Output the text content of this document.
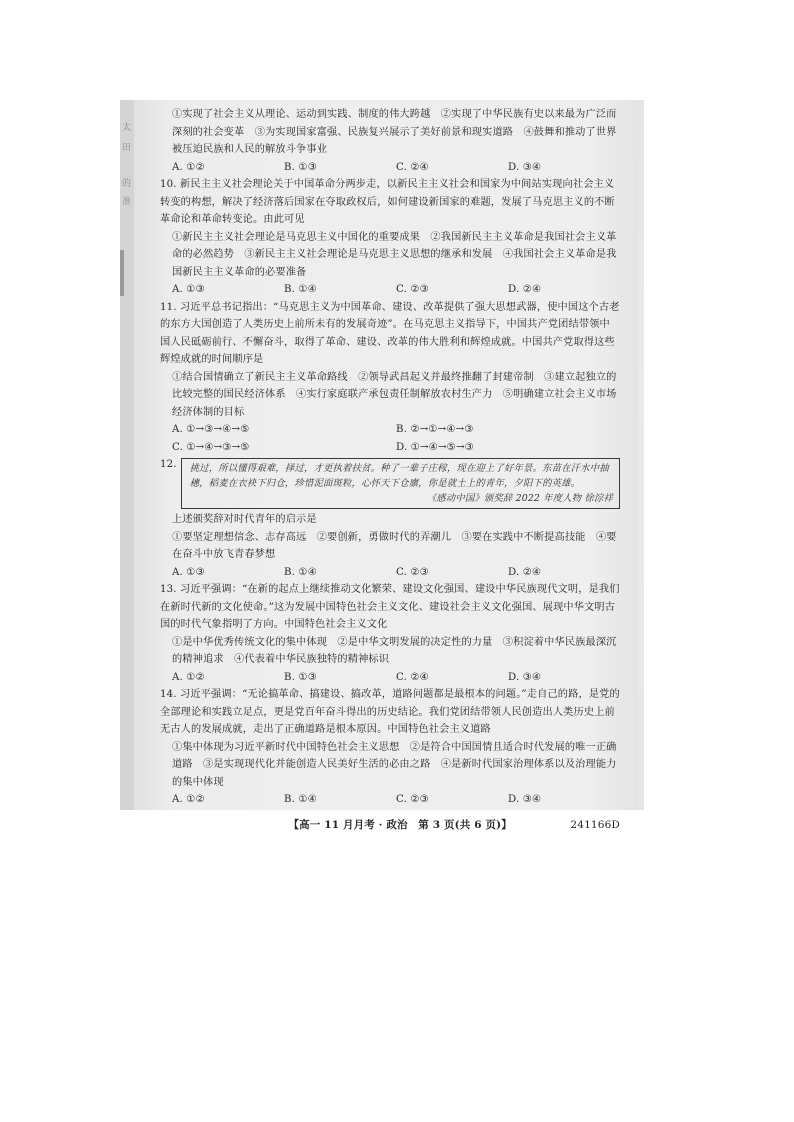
太
田
的
准

①实现了社会主义从理论、运动到实践、制度的伟大跨越　②实现了中华民族有史以来最为广泛而深刻的社会变革　③为实现国家富强、民族复兴展示了美好前景和现实道路　④鼓舞和推动了世界被压迫民族和人民的解放斗争事业

A. ①②	B. ①③	C. ②④	D. ③④

10. 新民主主义社会理论关于中国革命分两步走，以新民主主义社会和国家为中间站实现向社会主义转变的构想，解决了经济落后国家在夺取政权后，如何建设新国家的难题，发展了马克思主义的不断革命论和革命转变论。由此可见

①新民主主义社会理论是马克思主义中国化的重要成果　②我国新民主主义革命是我国社会主义革命的必然趋势　③新民主主义社会理论是马克思主义思想的继承和发展　④我国社会主义革命是我国新民主主义革命的必要准备

A. ①③	B. ①④	C. ②③	D. ②④

11. 习近平总书记指出：“马克思主义为中国革命、建设、改革提供了强大思想武器，使中国这个古老的东方大国创造了人类历史上前所未有的发展奇迹”。在马克思主义指导下，中国共产党团结带领中国人民砥砺前行、不懈奋斗，取得了革命、建设、改革的伟大胜利和辉煌成就。中国共产党取得这些辉煌成就的时间顺序是

①结合国情确立了新民主主义革命路线　②领导武昌起义并最终推翻了封建帝制　③建立起独立的比较完整的国民经济体系　④实行家庭联产承包责任制解放农村生产力　⑤明确建立社会主义市场经济体制的目标

A. ①→③→④→⑤	B. ②→①→④→③
C. ①→④→③→⑤	D. ①→④→⑤→③
12. 挑过，所以懂得艰难，择过，才更执着扶贫。种了一辈子庄稼，现在迎上了好年景。东苗在汗水中抽穗，稻麦在衣袂下归仓，珍惜泥面斑粒，心怀天下仓廪，你是就土上的青年，夕阳下的英雄。
《感动中国》颁奖辞 2022 年度人物 徐淙祥

上述颁奖辞对时代青年的启示是

①要坚定理想信念、志存高远　②要创新，勇做时代的弄潮儿　③要在实践中不断提高技能　④要在奋斗中放飞青春梦想

A. ①③	B. ①④	C. ②③	D. ②④

13. 习近平强调：“在新的起点上继续推动文化繁荣、建设文化强国、建设中华民族现代文明，是我们在新时代新的文化使命。”这为发展中国特色社会主义文化、建设社会主义文化强国、展现中华文明古国的时代气象指明了方向。中国特色社会主义文化

①是中华优秀传统文化的集中体现　②是中华文明发展的决定性的力量　③积淀着中华民族最深沉的精神追求　④代表着中华民族独特的精神标识

A. ①②	B. ①③	C. ②④	D. ③④

14. 习近平强调：“无论搞革命、搞建设、搞改革，道路问题都是最根本的问题。”走自己的路，是党的全部理论和实践立足点，更是党百年奋斗得出的历史结论。我们党团结带领人民创造出人类历史上前无古人的发展成就，走出了正确道路是根本原因。中国特色社会主义道路

①集中体现为习近平新时代中国特色社会主义思想　②是符合中国国情且适合时代发展的唯一正确道路　③是实现现代化并能创造人民美好生活的必由之路　④是新时代国家治理体系以及治理能力的集中体现

A. ①②	B. ①④	C. ②③	D. ③④
【高一 11 月月考 · 政治　第 3 页(共 6 页)】	241166D
